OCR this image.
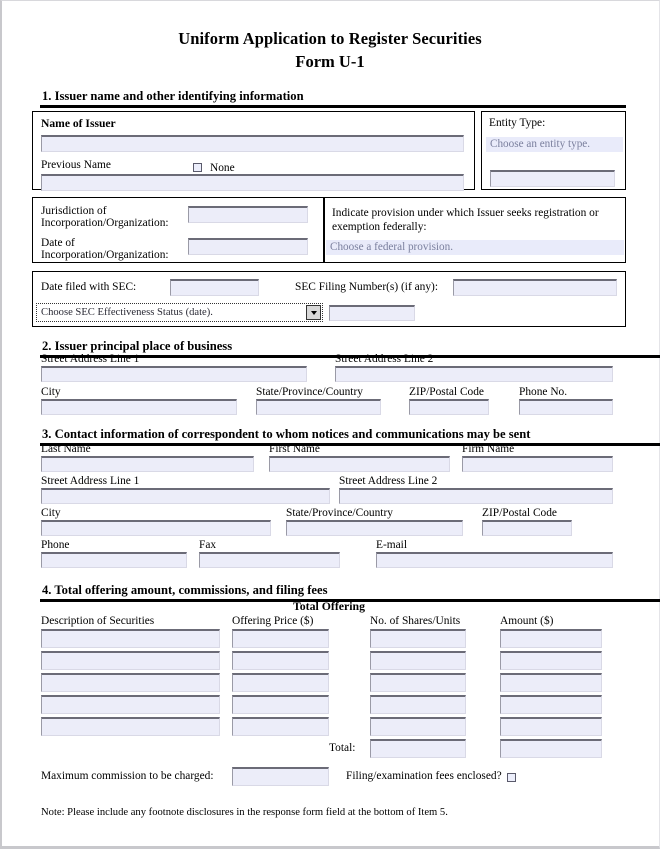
Uniform Application to Register Securities
Form U-1
1. Issuer name and other identifying information
Name of Issuer
Previous Name	None
Entity Type:
Choose an entity type.
Jurisdiction of
Incorporation/Organization:
Date of
Incorporation/Organization:
Indicate provision under which Issuer seeks registration or
exemption federally:
Choose a federal provision.
Date filed with SEC:	SEC Filing Number(s) (if any):
Choose SEC Effectiveness Status (date).
2. Issuer principal place of business
Street Address Line 1	Street Address Line 2
City	State/Province/Country	ZIP/Postal Code	Phone No.
3. Contact information of correspondent to whom notices and communications may be sent
Last Name	First Name	Firm Name
Street Address Line 1	Street Address Line 2
City	State/Province/Country	ZIP/Postal Code
Phone	Fax	E-mail
4. Total offering amount, commissions, and filing fees
Total Offering
Description of Securities	Offering Price ($)	No. of Shares/Units	Amount ($)
Total:
Maximum commission to be charged:	Filing/examination fees enclosed?
Note: Please include any footnote disclosures in the response form field at the bottom of Item 5.
